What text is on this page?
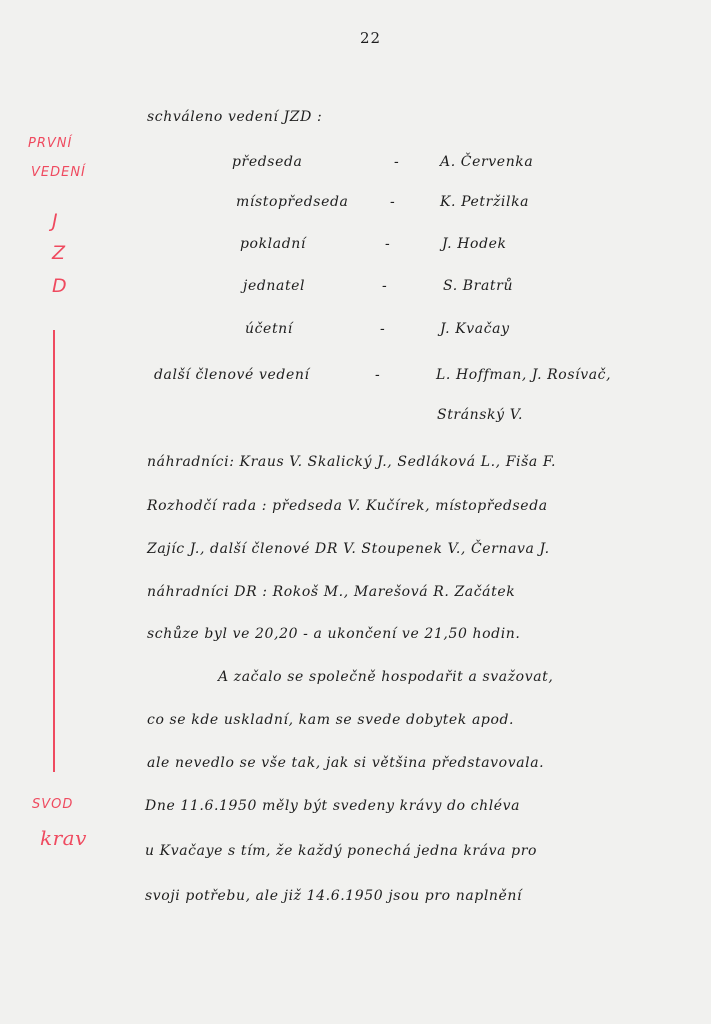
22
PRVNÍ
VEDENÍ
J
Z
D
SVOD
krav
schváleno vedení JZD :
předseda	-	A. Červenka
místopředseda	-	K. Petržilka
pokladní	-	J. Hodek
jednatel	-	S. Bratrů
účetní	-	J. Kvačay
další členové vedení	-	L. Hoffman, J. Rosívač,
Stránský V.
náhradníci: Kraus V. Skalický J., Sedláková L., Fiša F.
Rozhodčí rada : předseda V. Kučírek, místopředseda
Zajíc J., další členové DR V. Stoupenek V., Černava J.
náhradníci DR : Rokoš M., Marešová R. Začátek
schůze byl ve 20,20 - a ukončení ve 21,50 hodin.
A začalo se společně hospodařit a svažovat,
co se kde uskladní, kam se svede dobytek apod.
ale nevedlo se vše tak, jak si většina představovala.
Dne 11.6.1950 měly být svedeny krávy do chléva
u Kvačaye s tím, že každý ponechá jedna kráva pro
svoji potřebu, ale již 14.6.1950 jsou pro naplnění
